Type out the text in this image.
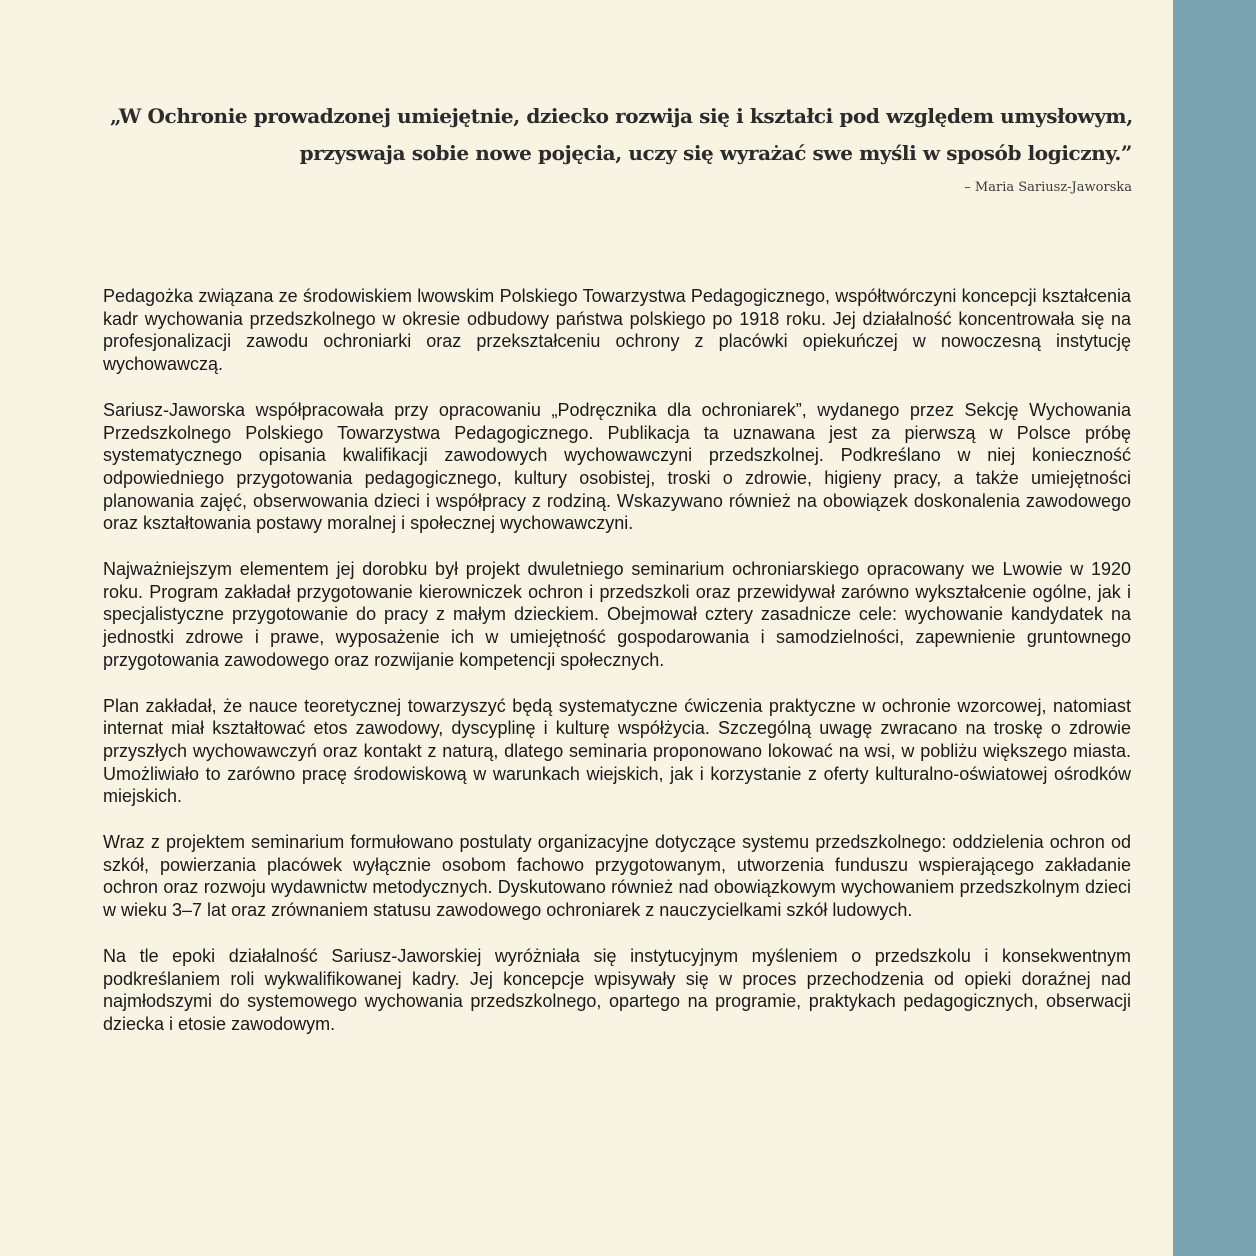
„W Ochronie prowadzonej umiejętnie, dziecko rozwija się i kształci pod względem umysłowym,
przyswaja sobie nowe pojęcia, uczy się wyrażać swe myśli w sposób logiczny.”

– Maria Sariusz-Jaworska

Pedagożka związana ze środowiskiem lwowskim Polskiego Towarzystwa Pedagogicznego, współtwórczyni koncepcji kształcenia kadr wychowania przedszkolnego w okresie odbudowy państwa polskiego po 1918 roku. Jej działalność koncentrowała się na profesjonalizacji zawodu ochroniarki oraz przekształceniu ochrony z placówki opiekuńczej w nowoczesną instytucję wychowawczą.

Sariusz-Jaworska współpracowała przy opracowaniu „Podręcznika dla ochroniarek”, wydanego przez Sekcję Wychowania Przedszkolnego Polskiego Towarzystwa Pedagogicznego. Publikacja ta uznawana jest za pierwszą w Polsce próbę systematycznego opisania kwalifikacji zawodowych wychowawczyni przedszkolnej. Podkreślano w niej konieczność odpowiedniego przygotowania pedagogicznego, kultury osobistej, troski o zdrowie, higieny pracy, a także umiejętności planowania zajęć, obserwowania dzieci i współpracy z rodziną. Wskazywano również na obowiązek doskonalenia zawodowego oraz kształtowania postawy moralnej i społecznej wychowawczyni.

Najważniejszym elementem jej dorobku był projekt dwuletniego seminarium ochroniarskiego opracowany we Lwowie w 1920 roku. Program zakładał przygotowanie kierowniczek ochron i przedszkoli oraz przewidywał zarówno wykształcenie ogólne, jak i specjalistyczne przygotowanie do pracy z małym dzieckiem. Obejmował cztery zasadnicze cele: wychowanie kandydatek na jednostki zdrowe i prawe, wyposażenie ich w umiejętność gospodarowania i samodzielności, zapewnienie gruntownego przygotowania zawodowego oraz rozwijanie kompetencji społecznych.

Plan zakładał, że nauce teoretycznej towarzyszyć będą systematyczne ćwiczenia praktyczne w ochronie wzorcowej, natomiast internat miał kształtować etos zawodowy, dyscyplinę i kulturę współżycia. Szczególną uwagę zwracano na troskę o zdrowie przyszłych wychowawczyń oraz kontakt z naturą, dlatego seminaria proponowano lokować na wsi, w pobliżu większego miasta. Umożliwiało to zarówno pracę środowiskową w warunkach wiejskich, jak i korzystanie z oferty kulturalno-oświatowej ośrodków miejskich.

Wraz z projektem seminarium formułowano postulaty organizacyjne dotyczące systemu przedszkolnego: oddzielenia ochron od szkół, powierzania placówek wyłącznie osobom fachowo przygotowanym, utworzenia funduszu wspierającego zakładanie ochron oraz rozwoju wydawnictw metodycznych. Dyskutowano również nad obowiązkowym wychowaniem przedszkolnym dzieci w wieku 3–7 lat oraz zrównaniem statusu zawodowego ochroniarek z nauczycielkami szkół ludowych.

Na tle epoki działalność Sariusz-Jaworskiej wyróżniała się instytucyjnym myśleniem o przedszkolu i konsekwentnym podkreślaniem roli wykwalifikowanej kadry. Jej koncepcje wpisywały się w proces przechodzenia od opieki doraźnej nad najmłodszymi do systemowego wychowania przedszkolnego, opartego na programie, praktykach pedagogicznych, obserwacji dziecka i etosie zawodowym.
